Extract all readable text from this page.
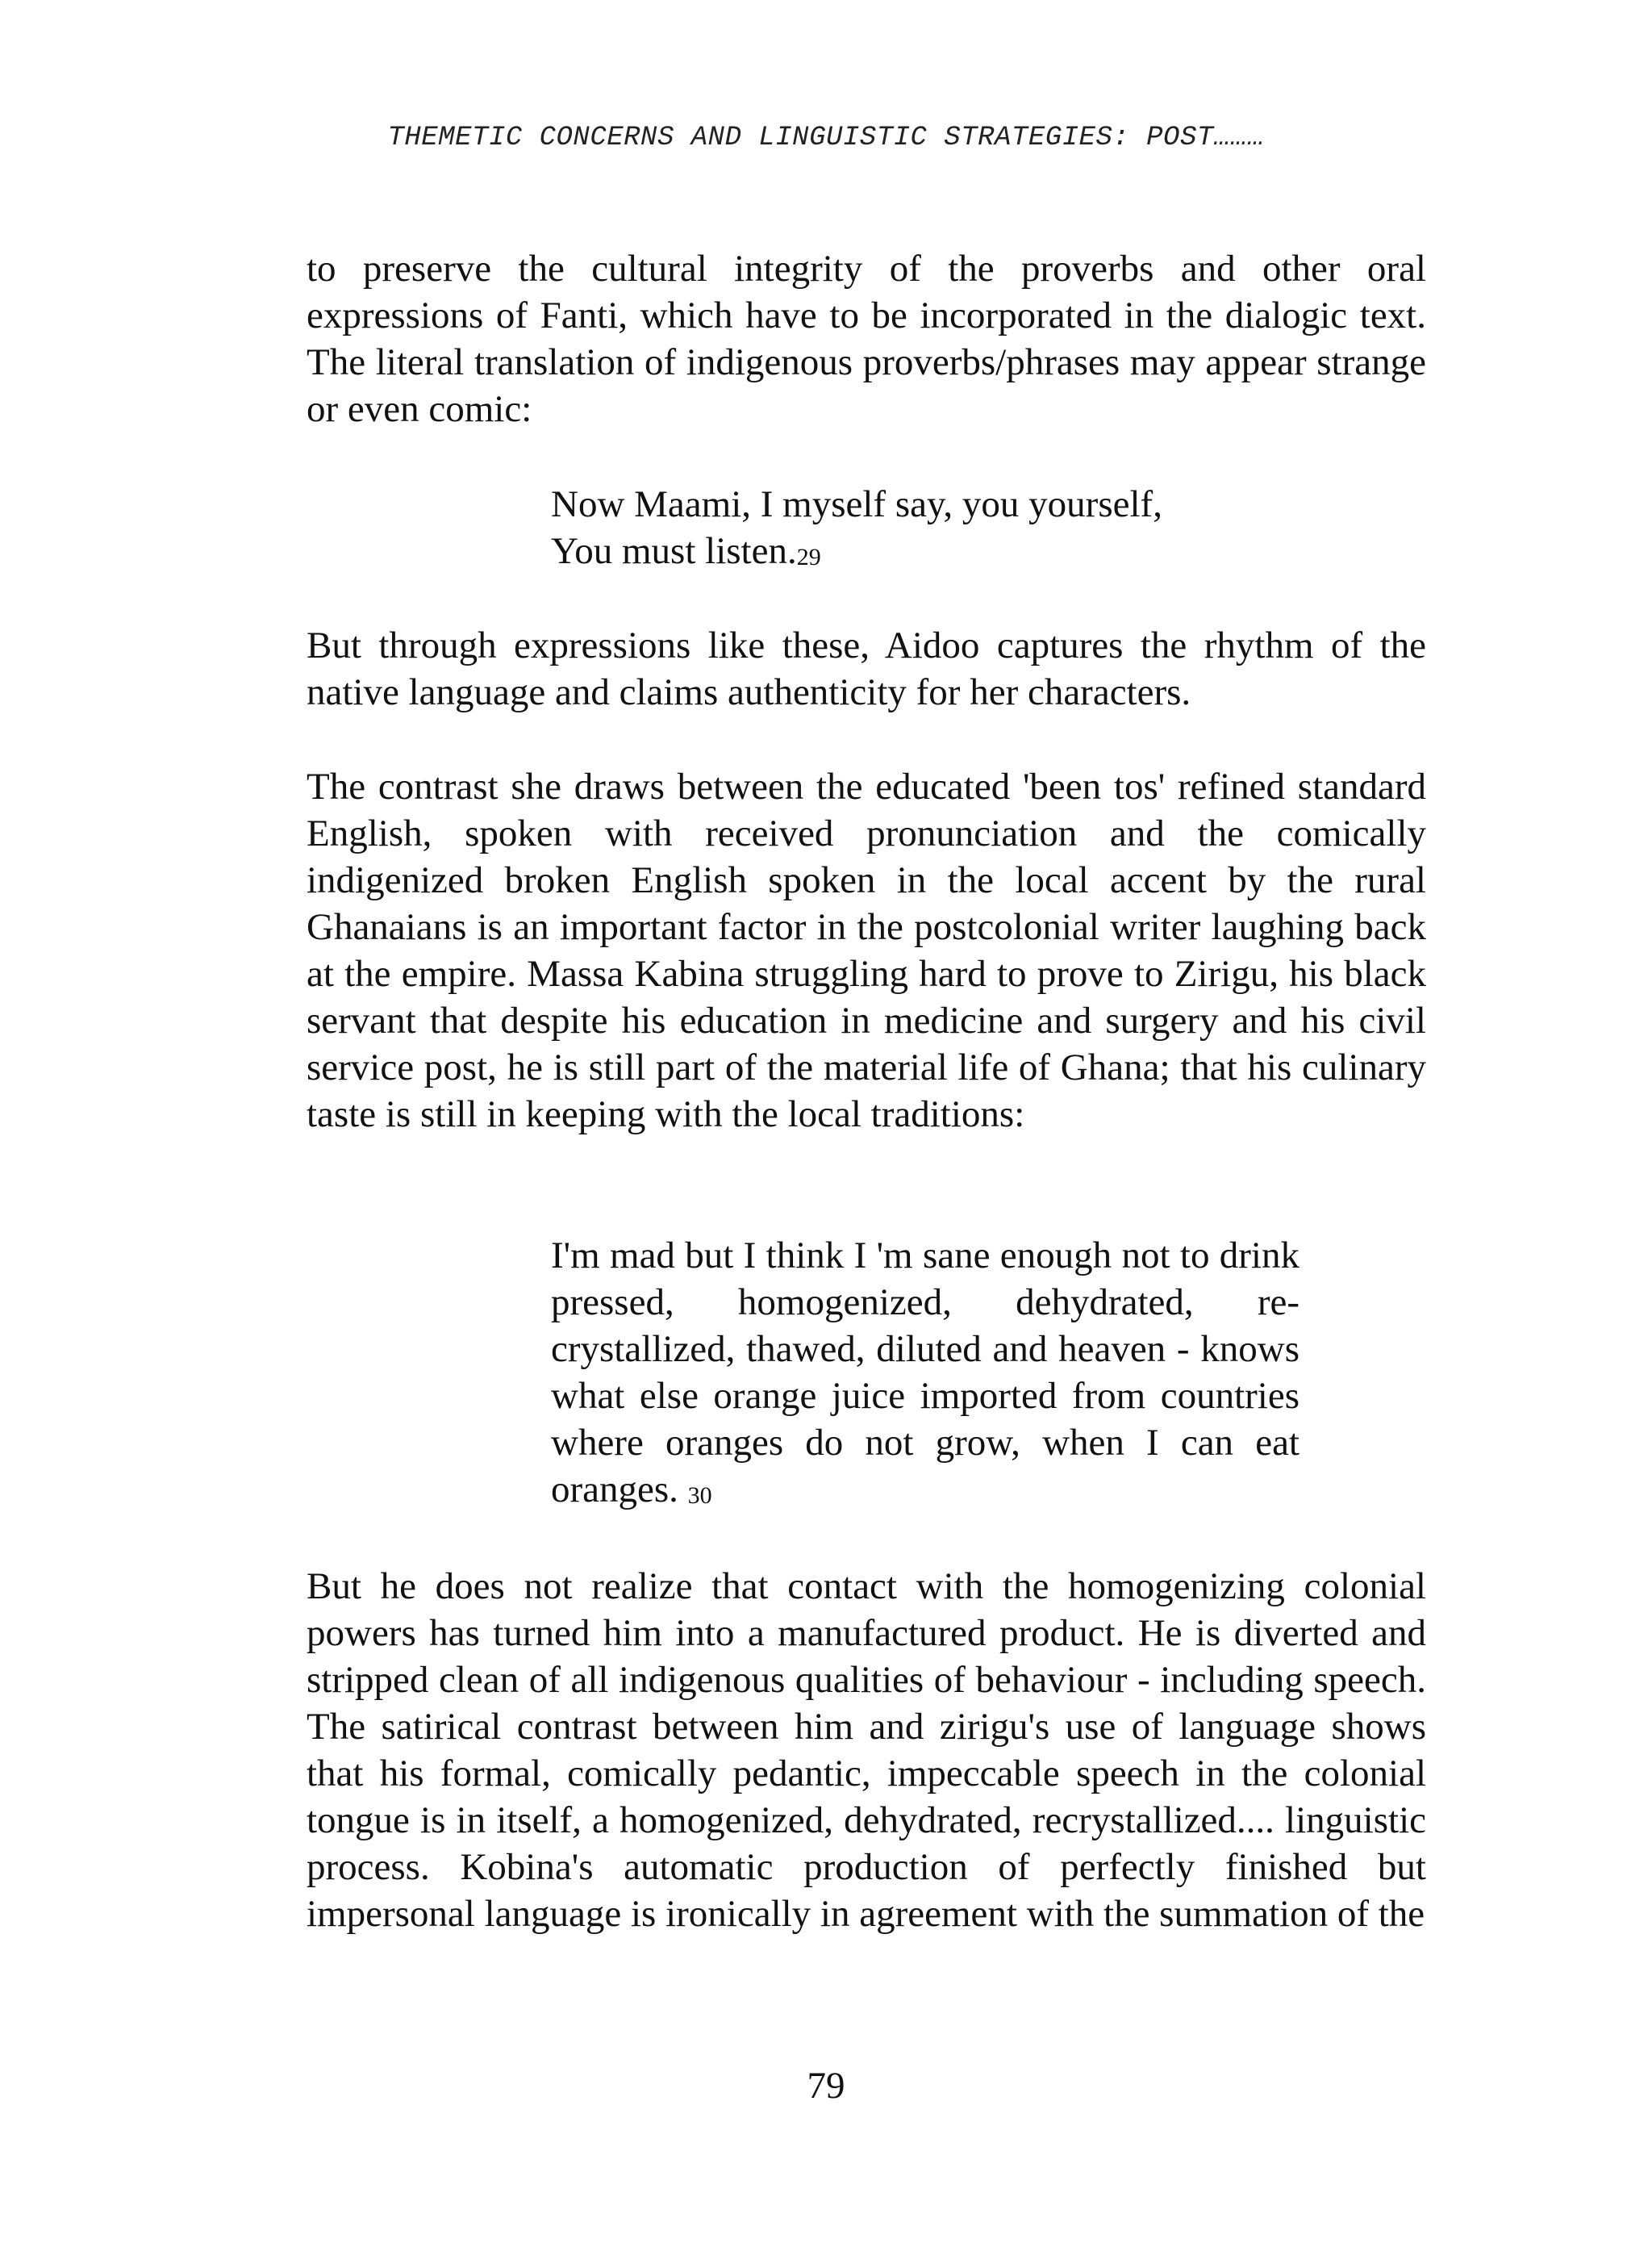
THEMETIC CONCERNS AND LINGUISTIC STRATEGIES: POST………

to preserve the cultural integrity of the proverbs and other oral expressions of Fanti, which have to be incorporated in the dialogic text. The literal translation of indigenous proverbs/phrases may appear strange or even comic:

Now Maami, I myself say, you yourself,
You must listen.29

But through expressions like these, Aidoo captures the rhythm of the native language and claims authenticity for her characters.

The contrast she draws between the educated 'been tos' refined standard English, spoken with received pronunciation and the comically indigenized broken English spoken in the local accent by the rural Ghanaians is an important factor in the postcolonial writer laughing back at the empire. Massa Kabina struggling hard to prove to Zirigu, his black servant that despite his education in medicine and surgery and his civil service post, he is still part of the material life of Ghana; that his culinary taste is still in keeping with the local traditions:

I'm mad but I think I 'm sane enough not to drink pressed, homogenized, dehydrated, re-crystallized, thawed, diluted and heaven - knows what else orange juice imported from countries where oranges do not grow, when I can eat oranges. 30

But he does not realize that contact with the homogenizing colonial powers has turned him into a manufactured product. He is diverted and stripped clean of all indigenous qualities of behaviour - including speech. The satirical contrast between him and zirigu's use of language shows that his formal, comically pedantic, impeccable speech in the colonial tongue is in itself, a homogenized, dehydrated, recrystallized.... linguistic process. Kobina's automatic production of perfectly finished but impersonal language is ironically in agreement with the summation of the

79
